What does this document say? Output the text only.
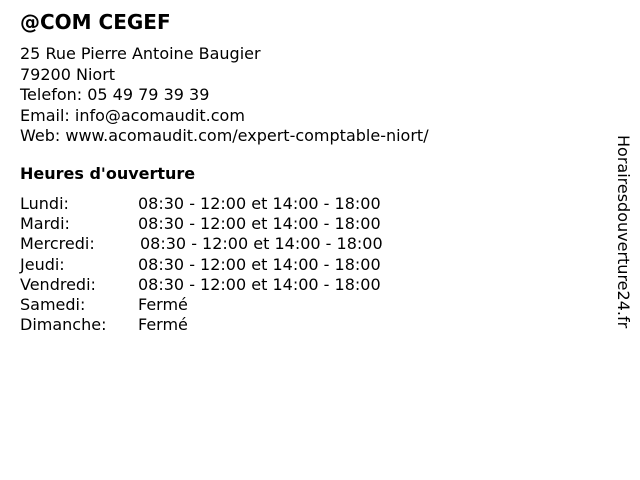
@COM CEGEF
25 Rue Pierre Antoine Baugier
79200 Niort
Telefon: 05 49 79 39 39
Email: info@acomaudit.com
Web: www.acomaudit.com/expert-comptable-niort/
Heures d'ouverture
Lundi:	08:30 - 12:00 et 14:00 - 18:00
Mardi:	08:30 - 12:00 et 14:00 - 18:00
Mercredi:	08:30 - 12:00 et 14:00 - 18:00
Jeudi:	08:30 - 12:00 et 14:00 - 18:00
Vendredi:	08:30 - 12:00 et 14:00 - 18:00
Samedi:	Fermé
Dimanche: Fermé	Horairesdouverture24.fr
